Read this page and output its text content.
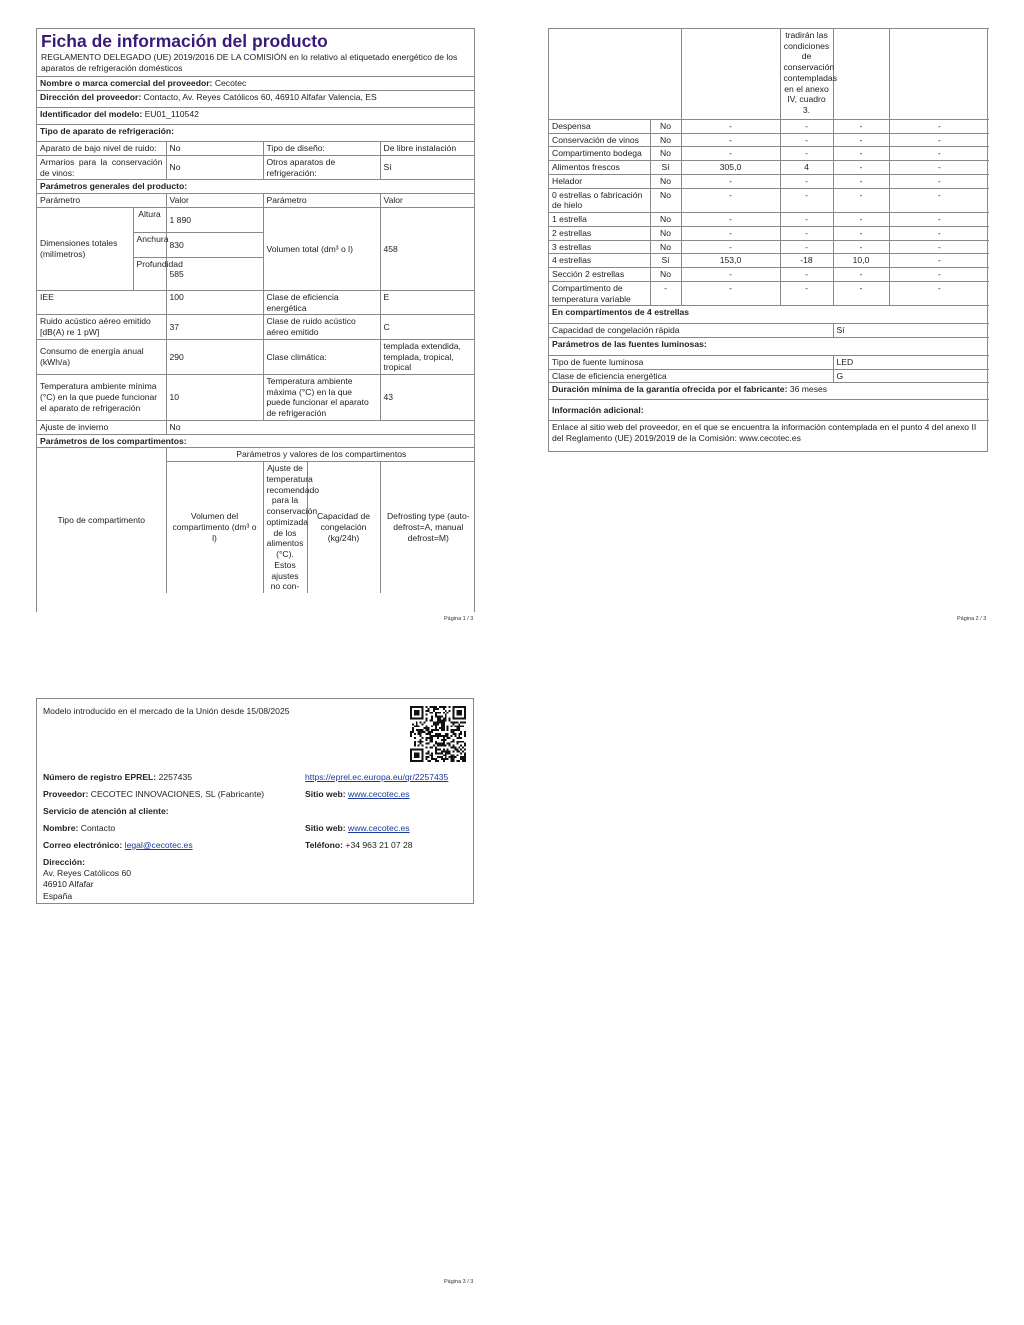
Ficha de información del producto
REGLAMENTO DELEGADO (UE) 2019/2016 DE LA COMISIÓN en lo relativo al etiquetado energético de los aparatos de refrigeración domésticos					

Nombre o marca comercial del proveedor: Cecotec					
Dirección del proveedor: Contacto, Av. Reyes Católicos 60, 46910 Alfafar Valencia, ES					
Identificador del modelo: EU01_110542					
Tipo de aparato de refrigeración:					
Aparato de bajo nivel de ruido:		No	Tipo de diseño:		De libre instalación
Armarios para la conservación de vinos:		No	Otros aparatos de refrigeración:		Sí
Parámetros generales del producto:					
Parámetro		Valor	Parámetro		Valor
Dimensiones totales (milímetros)	Altura	1 890	Volumen total (dm³ o l)		458
	Anchura	830			
	Profundidad	585			
IEE		100	Clase de eficiencia energética		E
Ruido acústico aéreo emitido [dB(A) re 1 pW]		37	Clase de ruido acústico aéreo emitido		C
Consumo de energía anual (kWh/a)		290	Clase climática:		templada extendida, templada, tropical, tropical
Temperatura ambiente mínima (°C) en la que puede funcionar el aparato de refrigeración		10	Temperatura ambiente máxima (°C) en la que puede funcionar el aparato de refrigeración		43
Ajuste de invierno		No			
Parámetros de los compartimentos:					
Tipo de compartimento		Parámetros y valores de los compartimentos			
		Volumen del compartimento (dm³ o l)	Ajuste de temperatura recomendado para la conservación optimizada de los alimentos (°C). Estos ajustes no con-	Capacidad de congelación (kg/24h)	Defrosting type (auto-defrost=A, manual defrost=M)
Página 1 / 3
			tradirán las condiciones de conservación contempladas en el anexo IV, cuadro 3.		
Despensa	No	-	-	-	-
Conservación de vinos	No	-	-	-	-
Compartimento bodega	No	-	-	-	-
Alimentos frescos	Sí	305,0	4	-	-
Helador	No	-	-	-	-
0 estrellas o fabricación de hielo	No	-	-	-	-
1 estrella	No	-	-	-	-
2 estrellas	No	-	-	-	-
3 estrellas	No	-	-	-	-
4 estrellas	Sí	153,0	-18	10,0	-
Sección 2 estrellas	No	-	-	-	-
Compartimento de temperatura variable	-	-	-	-	-
En compartimentos de 4 estrellas					
Capacidad de congelación rápida				Sí	
Parámetros de las fuentes luminosas:					
Tipo de fuente luminosa				LED	
Clase de eficiencia energética				G	
Duración mínima de la garantía ofrecida por el fabricante: 36 meses					
Información adicional:					
Enlace al sitio web del proveedor, en el que se encuentra la información contemplada en el punto 4 del anexo II del Reglamento (UE) 2019/2019 de la Comisión: www.cecotec.es					
Página 2 / 3
Modelo introducido en el mercado de la Unión desde 15/08/2025
Número de registro EPREL: 2257435	https://eprel.ec.europa.eu/qr/2257435
Proveedor: CECOTEC INNOVACIONES, SL (Fabricante)	Sitio web: www.cecotec.es
Servicio de atención al cliente:
Nombre: Contacto	Sitio web: www.cecotec.es
Correo electrónico: legal@cecotec.es	Teléfono: +34 963 21 07 28
Dirección:
Av. Reyes Católicos 60
46910 Alfafar
España
Página 3 / 3
